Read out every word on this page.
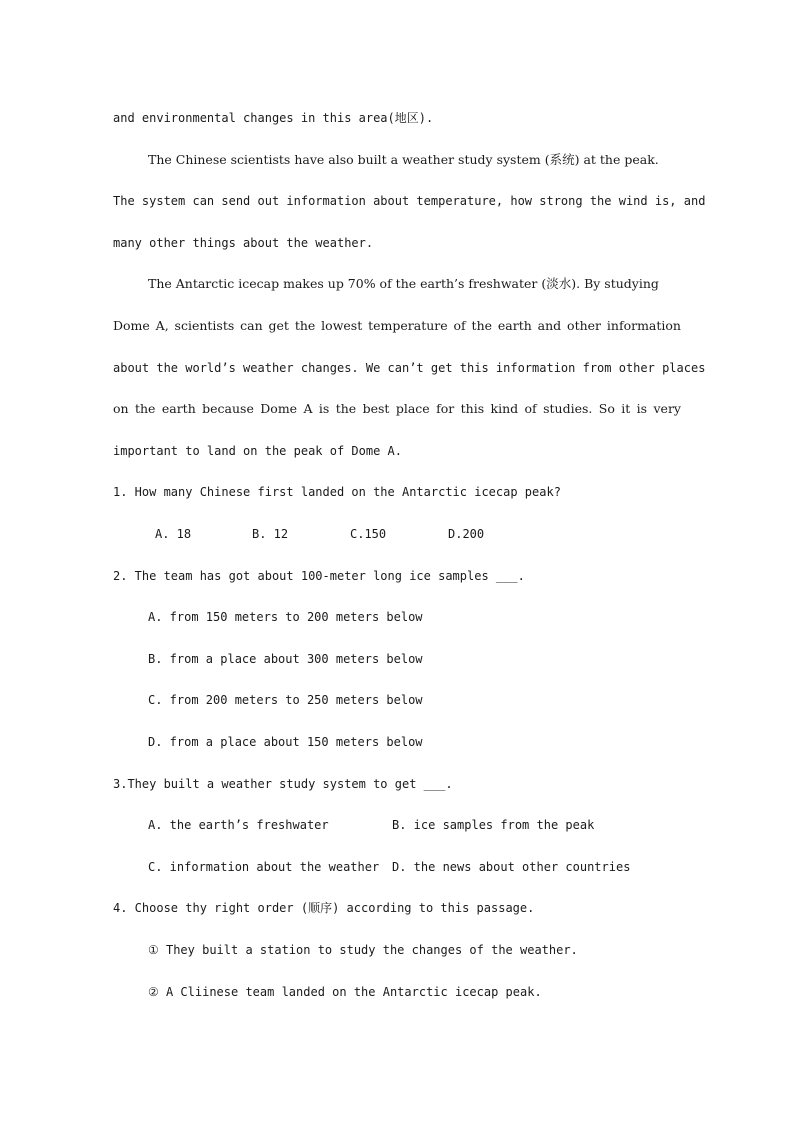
and environmental changes in this area(地区).
The Chinese scientists have also built a weather study system (系统) at the peak.
The system can send out information about temperature, how strong the wind is, and
many other things about the weather.
The Antarctic icecap makes up 70% of the earth’s freshwater (淡水). By studying
Dome A, scientists can get the lowest temperature of the earth and other information
about the world’s weather changes. We can’t get this information from other places
on the earth because Dome A is the best place for this kind of studies. So it is very
important to land on the peak of Dome A.
1. How many Chinese first landed on the Antarctic icecap peak?
A. 18	B. 12	C.150	D.200
2. The team has got about 100-meter long ice samples ___.
A. from 150 meters to 200 meters below
B. from a place about 300 meters below
C. from 200 meters to 250 meters below
D. from a place about 150 meters below
3.They built a weather study system to get ___.
A. the earth’s freshwater	B. ice samples from the peak
C. information about the weather D. the news about other countries
4. Choose thy right order (顺序) according to this passage.
① They built a station to study the changes of the weather.
② A Cliinese team landed on the Antarctic icecap peak.
